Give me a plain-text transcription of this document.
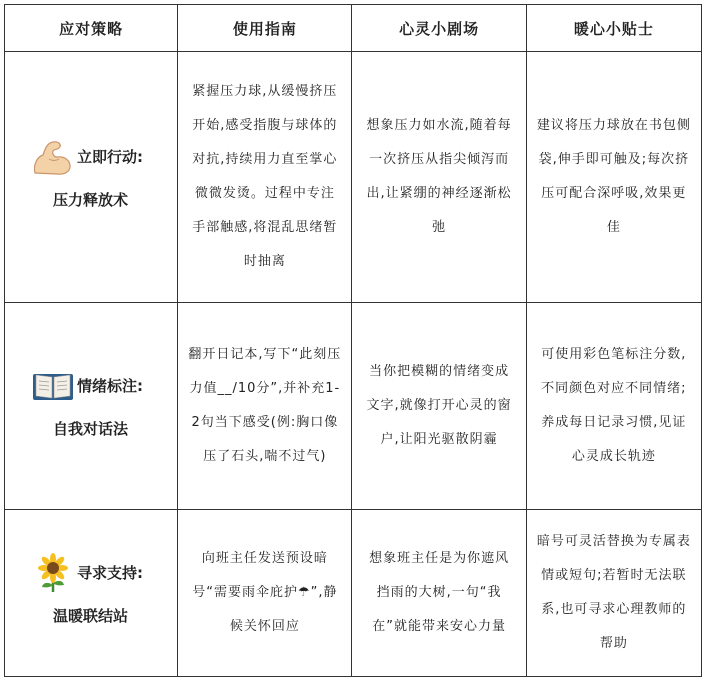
应对策略	使用指南	心灵小剧场	暖心小贴士

立即行动:
压力释放术	紧握压力球,从缓慢挤压开始,感受指腹与球体的对抗,持续用力直至掌心微微发烫。过程中专注手部触感,将混乱思绪暂时抽离	想象压力如水流,随着每一次挤压从指尖倾泻而出,让紧绷的神经逐渐松弛	建议将压力球放在书包侧袋,伸手即可触及;每次挤压可配合深呼吸,效果更佳

情绪标注:
自我对话法	翻开日记本,写下“此刻压力值__/10分”,并补充1-2句当下感受(例:胸口像压了石头,喘不过气)	当你把模糊的情绪变成文字,就像打开心灵的窗户,让阳光驱散阴霾	可使用彩色笔标注分数,不同颜色对应不同情绪;养成每日记录习惯,见证心灵成长轨迹

寻求支持:
温暖联结站	向班主任发送预设暗号“需要雨伞庇护☂”,静候关怀回应	想象班主任是为你遮风挡雨的大树,一句“我在”就能带来安心力量	暗号可灵活替换为专属表情或短句;若暂时无法联系,也可寻求心理教师的帮助
